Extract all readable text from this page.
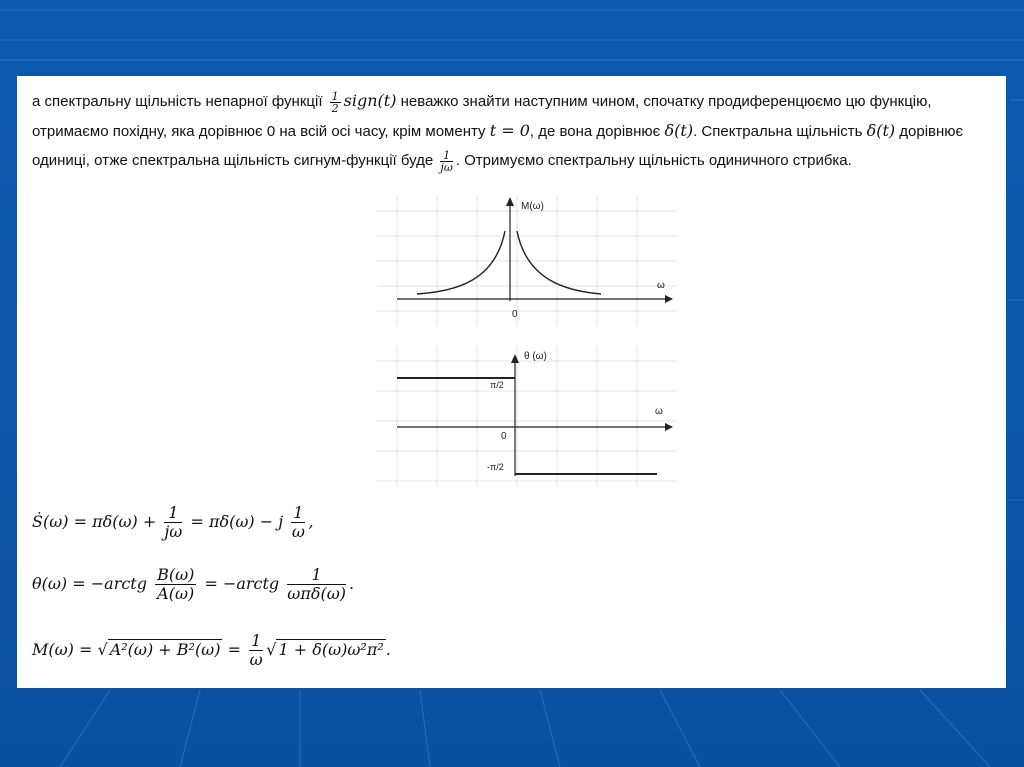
а спектральну щільність непарної функції $\frac{1}{2}$ sign(t) неважко знайти наступним чином, спочатку продиференцюємо цю функцію, отримаємо похідну, яка дорівнює 0 на всій осі часу, крім моменту t = 0, де вона дорівнює δ(t). Спектральна щільність δ(t) дорівнює одиниці, отже спектральна щільність сигнум-функції буде $\frac{1}{j\omega}$ . Отримуємо спектральну щільність одиничного стрибка.
M(ω)
ω
0
θ (ω)
ω
0
π/2
-π/2
Ṡ(ω) = $\pi\delta(\omega) + \frac{1}{j\omega} = \pi\delta(\omega) - j \frac{1}{\omega}$ ,
θ(ω) = −arctg $\frac{B(\omega)}{A(\omega)}$ = −arctg	1
ωπδ(ω)
.
M(ω) = √ $A^2(\omega) + B^2(\omega) = \frac{1}{\omega}$ √ 1 + δ(ω)ω²π² .
